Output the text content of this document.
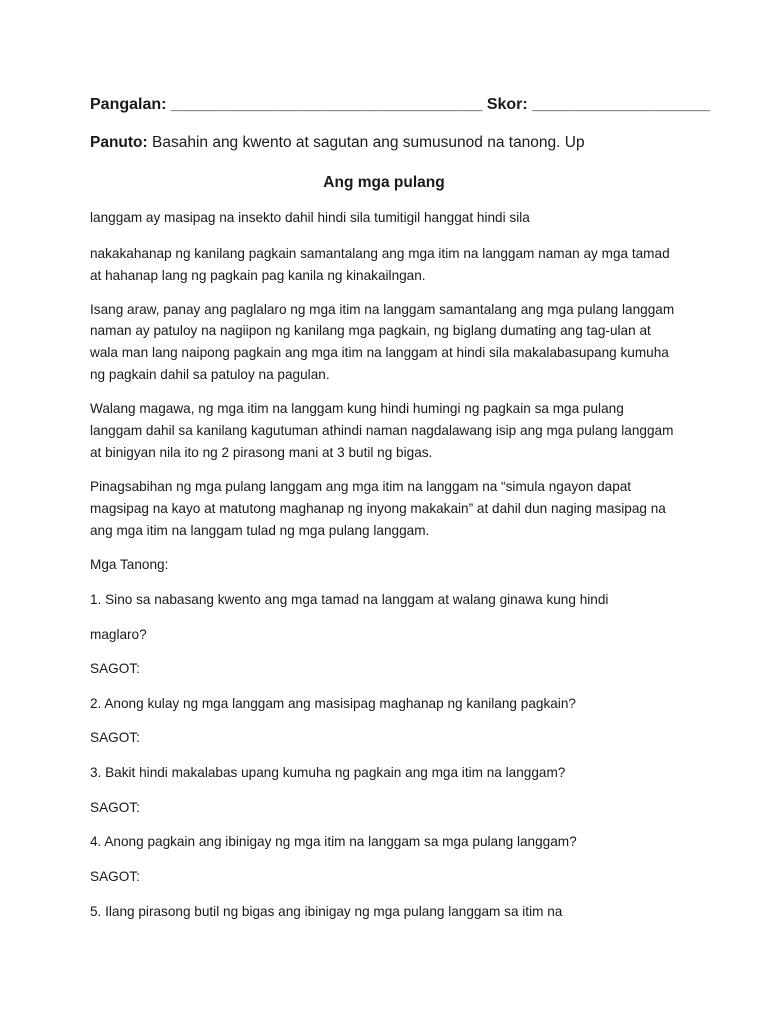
Pangalan: ___________________________________ Skor: ____________________
Panuto: Basahin ang kwento at sagutan ang sumusunod na tanong. Up
Ang mga pulang
langgam ay masipag na insekto dahil hindi sila tumitigil hanggat hindi sila
nakakahanap ng kanilang pagkain samantalang ang mga itim na langgam naman ay mga tamad
at hahanap lang ng pagkain pag kanila ng kinakailngan.
Isang araw, panay ang paglalaro ng mga itim na langgam samantalang ang mga pulang langgam
naman ay patuloy na nagiipon ng kanilang mga pagkain, ng biglang dumating ang tag-ulan at
wala man lang naipong pagkain ang mga itim na langgam at hindi sila makalabasupang kumuha
ng pagkain dahil sa patuloy na pagulan.
Walang magawa, ng mga itim na langgam kung hindi humingi ng pagkain sa mga pulang
langgam dahil sa kanilang kagutuman athindi naman nagdalawang isip ang mga pulang langgam
at binigyan nila ito ng 2 pirasong mani at 3 butil ng bigas.
Pinagsabihan ng mga pulang langgam ang mga itim na langgam na “simula ngayon dapat
magsipag na kayo at matutong maghanap ng inyong makakain” at dahil dun naging masipag na
ang mga itim na langgam tulad ng mga pulang langgam.
Mga Tanong:
1. Sino sa nabasang kwento ang mga tamad na langgam at walang ginawa kung hindi
maglaro?
SAGOT:
2. Anong kulay ng mga langgam ang masisipag maghanap ng kanilang pagkain?
SAGOT:
3. Bakit hindi makalabas upang kumuha ng pagkain ang mga itim na langgam?
SAGOT:
4. Anong pagkain ang ibinigay ng mga itim na langgam sa mga pulang langgam?
SAGOT:
5. Ilang pirasong butil ng bigas ang ibinigay ng mga pulang langgam sa itim na
